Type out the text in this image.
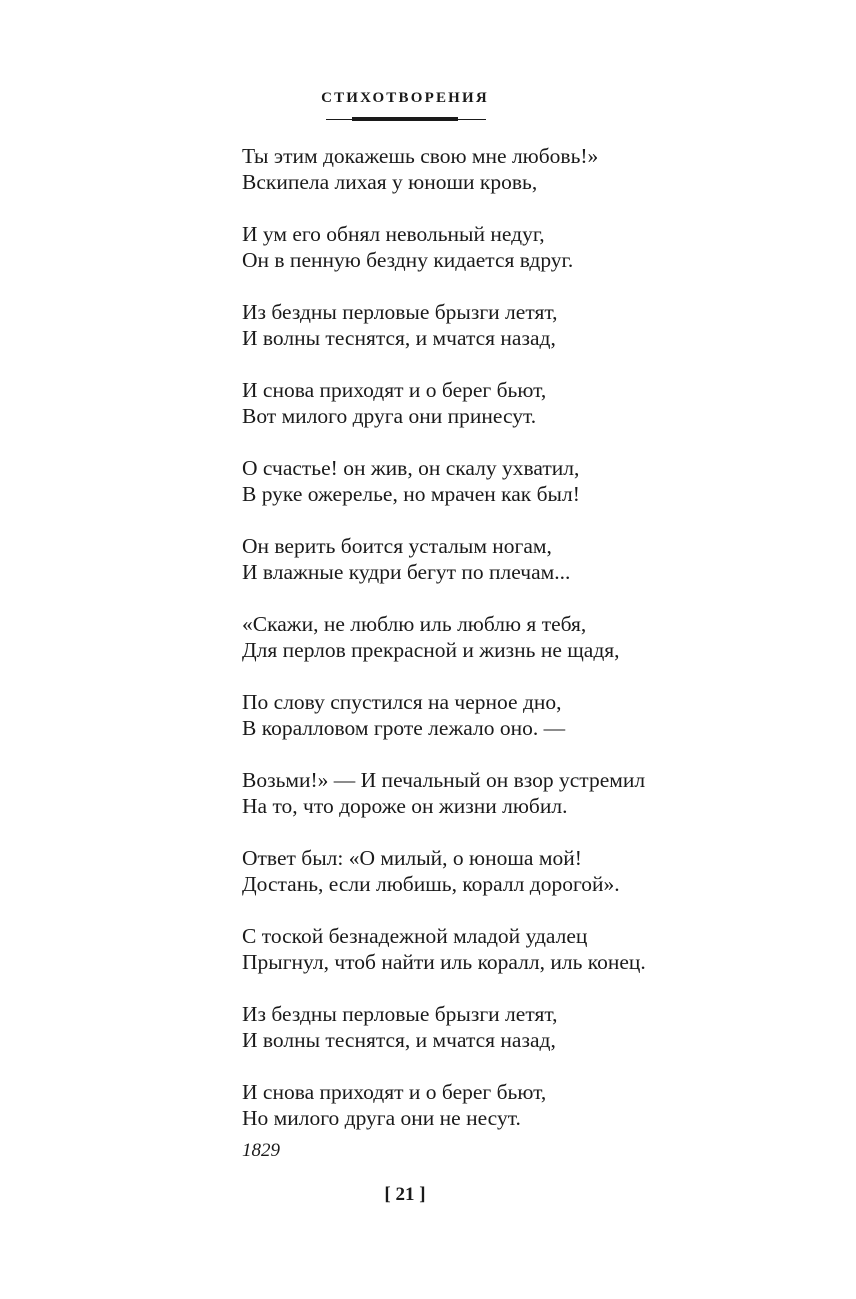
СТИХОТВОРЕНИЯ
Ты этим докажешь свою мне любовь!»
Вскипела лихая у юноши кровь,
И ум его обнял невольный недуг,
Он в пенную бездну кидается вдруг.
Из бездны перловые брызги летят,
И волны теснятся, и мчатся назад,
И снова приходят и о берег бьют,
Вот милого друга они принесут.
О счастье! он жив, он скалу ухватил,
В руке ожерелье, но мрачен как был!
Он верить боится усталым ногам,
И влажные кудри бегут по плечам...
«Скажи, не люблю иль люблю я тебя,
Для перлов прекрасной и жизнь не щадя,
По слову спустился на черное дно,
В коралловом гроте лежало оно. —
Возьми!» — И печальный он взор устремил
На то, что дороже он жизни любил.
Ответ был: «О милый, о юноша мой!
Достань, если любишь, коралл дорогой».
С тоской безнадежной младой удалец
Прыгнул, чтоб найти иль коралл, иль конец.
Из бездны перловые брызги летят,
И волны теснятся, и мчатся назад,
И снова приходят и о берег бьют,
Но милого друга они не несут.
1829
[ 21 ]
